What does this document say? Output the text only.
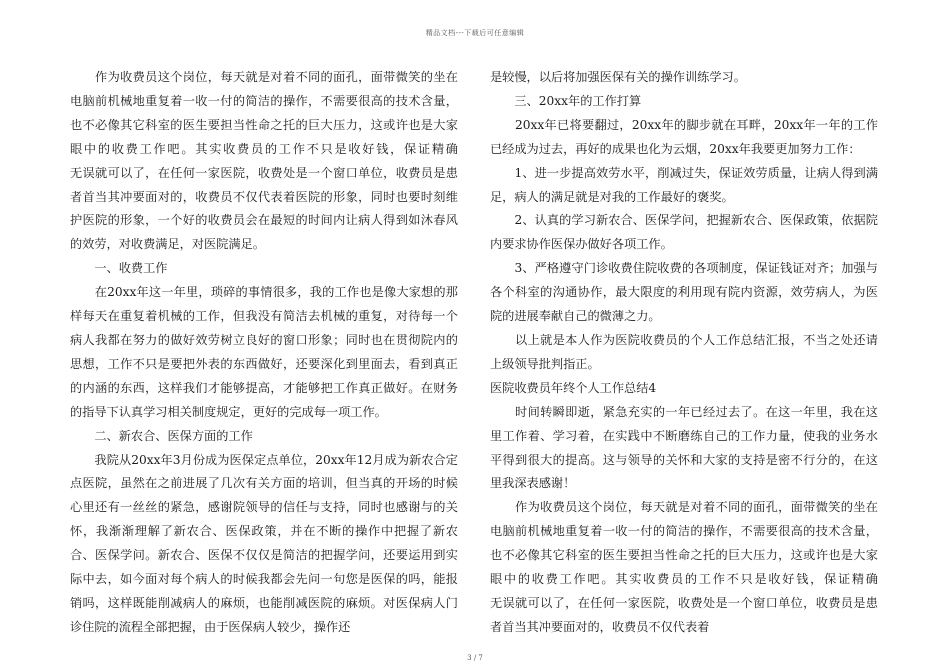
精品文档---下载后可任意编辑

　　作为收费员这个岗位，每天就是对着不同的面孔，面带微笑的坐在电脑前机械地重复着一收一付的简洁的操作，不需要很高的技术含量，也不必像其它科室的医生要担当性命之托的巨大压力，这或许也是大家眼中的收费工作吧。其实收费员的工作不只是收好钱，保证精确　　　无误就可以了，在任何一家医院，收费处是一个窗口单位，收费员是患者首当其冲要面对的，收费员不仅代表着医院的形象，同时也要时刻维护医院的形象，一个好的收费员会在最短的时间内让病人得到如沐春风的效劳，对收费满足，对医院满足。

　　一、收费工作

　　在20xx年这一年里，琐碎的事情很多，我的工作也是像大家想的那样每天在重复着机械的工作，但我没有简洁去机械的重复，对待每一个病人我都在努力的做好效劳树立良好的窗口形象；同时也在贯彻院内的思想，工作不只是要把外表的东西做好，还要深化到里面去，看到真正的内涵的东西，这样我们才能够提高，才能够把工作真正做好。在财务的指导下认真学习相关制度规定，更好的完成每一项工作。

　　二、新农合、医保方面的工作

　　我院从20xx年3月份成为医保定点单位，20xx年12月成为新农合定点医院，虽然在之前进展了几次有关方面的培训，但当真的开场的时候心里还有一丝丝的紧急，感谢院领导的信任与支持，同时也感谢与的关怀，我渐渐理解了新农合、医保政策，并在不断的操作中把握了新农合、医保学问。新农合、医保不仅仅是简洁的把握学问，还要运用到实际中去，如今面对每个病人的时候我都会先问一句您是医保的吗，能报销吗，这样既能削减病人的麻烦，也能削减医院的麻烦。对医保病人门诊住院的流程全部把握，由于医保病人较少，操作还

是较慢，以后将加强医保有关的操作训练学习。

　　三、20xx年的工作打算

　　20xx年已将要翻过，20xx年的脚步就在耳畔，20xx年一年的工作已经成为过去，再好的成果也化为云烟，20xx年我要更加努力工作：

　　1、进一步提高效劳水平，削减过失，保证效劳质量，让病人得到满足，病人的满足就是对我的工作最好的褒奖。

　　2、认真的学习新农合、医保学问，把握新农合、医保政策，依据院内要求协作医保办做好各项工作。

　　3、严格遵守门诊收费住院收费的各项制度，保证钱证对齐；加强与各个科室的沟通协作，最大限度的利用现有院内资源，效劳病人，为医院的进展奉献自己的微薄之力。

　　以上就是本人作为医院收费员的个人工作总结汇报，不当之处还请上级领导批判指正。

医院收费员年终个人工作总结4

　　时间转瞬即逝，紧急充实的一年已经过去了。在这一年里，我在这里工作着、学习着，在实践中不断磨练自己的工作力量，使我的业务水平得到很大的提高。这与领导的关怀和大家的支持是密不行分的，在这里我深表感谢！

　　作为收费员这个岗位，每天就是对着不同的面孔，面带微笑的坐在电脑前机械地重复着一收一付的简洁的操作，不需要很高的技术含量，也不必像其它科室的医生要担当性命之托的巨大压力，这或许也是大家眼中的收费工作吧。其实收费员的工作不只是收好钱，保证精确　　　无误就可以了，在任何一家医院，收费处是一个窗口单位，收费员是患者首当其冲要面对的，收费员不仅代表着

3 / 7
